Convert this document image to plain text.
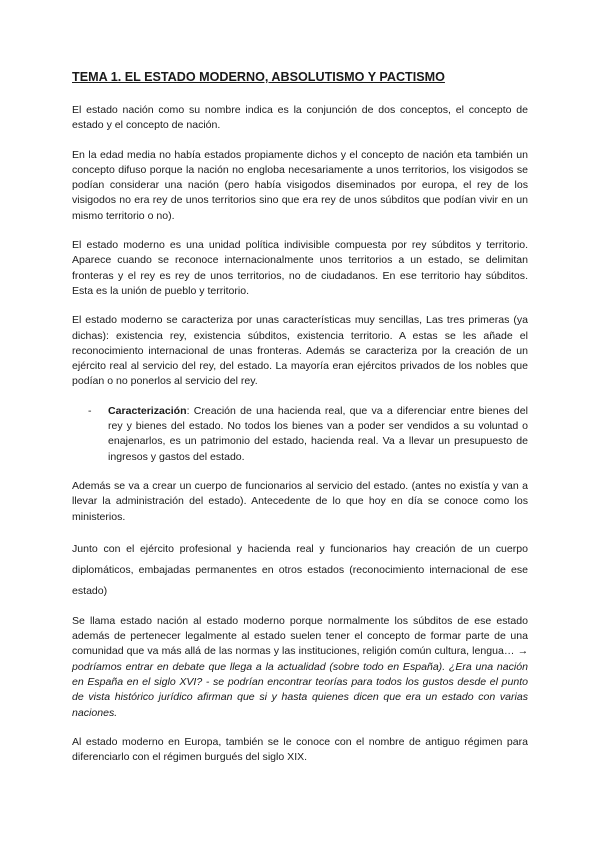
TEMA 1. EL ESTADO MODERNO, ABSOLUTISMO Y PACTISMO

El estado nación como su nombre indica es la conjunción de dos conceptos, el concepto de estado y el concepto de nación.

En la edad media no había estados propiamente dichos y el concepto de nación eta también un concepto difuso porque la nación no engloba necesariamente a unos territorios, los visigodos se podían considerar una nación (pero había visigodos diseminados por europa, el rey de los visigodos no era rey de unos territorios sino que era rey de unos súbditos que podían vivir en un mismo territorio o no).

El estado moderno es una unidad política indivisible compuesta por rey súbditos y territorio. Aparece cuando se reconoce internacionalmente unos territorios a un estado, se delimitan fronteras y el rey es rey de unos territorios, no de ciudadanos. En ese territorio hay súbditos. Esta es la unión de pueblo y territorio.

El estado moderno se caracteriza por unas características muy sencillas, Las tres primeras (ya dichas): existencia rey, existencia súbditos, existencia territorio. A estas se les añade el reconocimiento internacional de unas fronteras. Además se caracteriza por la creación de un ejército real al servicio del rey, del estado. La mayoría eran ejércitos privados de los nobles que podían o no ponerlos al servicio del rey.

- Caracterización: Creación de una hacienda real, que va a diferenciar entre bienes del rey y bienes del estado. No todos los bienes van a poder ser vendidos a su voluntad o enajenarlos, es un patrimonio del estado, hacienda real. Va a llevar un presupuesto de ingresos y gastos del estado.

Además se va a crear un cuerpo de funcionarios al servicio del estado. (antes no existía y van a llevar la administración del estado). Antecedente de lo que hoy en día se conoce como los ministerios.

Junto con el ejército profesional y hacienda real y funcionarios hay creación de un cuerpo diplomáticos, embajadas permanentes en otros estados (reconocimiento internacional de ese estado)

Se llama estado nación al estado moderno porque normalmente los súbditos de ese estado además de pertenecer legalmente al estado suelen tener el concepto de formar parte de una comunidad que va más allá de las normas y las instituciones, religión común cultura, lengua… → podríamos entrar en debate que llega a la actualidad (sobre todo en España). ¿Era una nación en España en el siglo XVI? - se podrían encontrar teorías para todos los gustos desde el punto de vista histórico jurídico afirman que si y hasta quienes dicen que era un estado con varias naciones.

Al estado moderno en Europa, también se le conoce con el nombre de antiguo régimen para diferenciarlo con el régimen burgués del siglo XIX.
